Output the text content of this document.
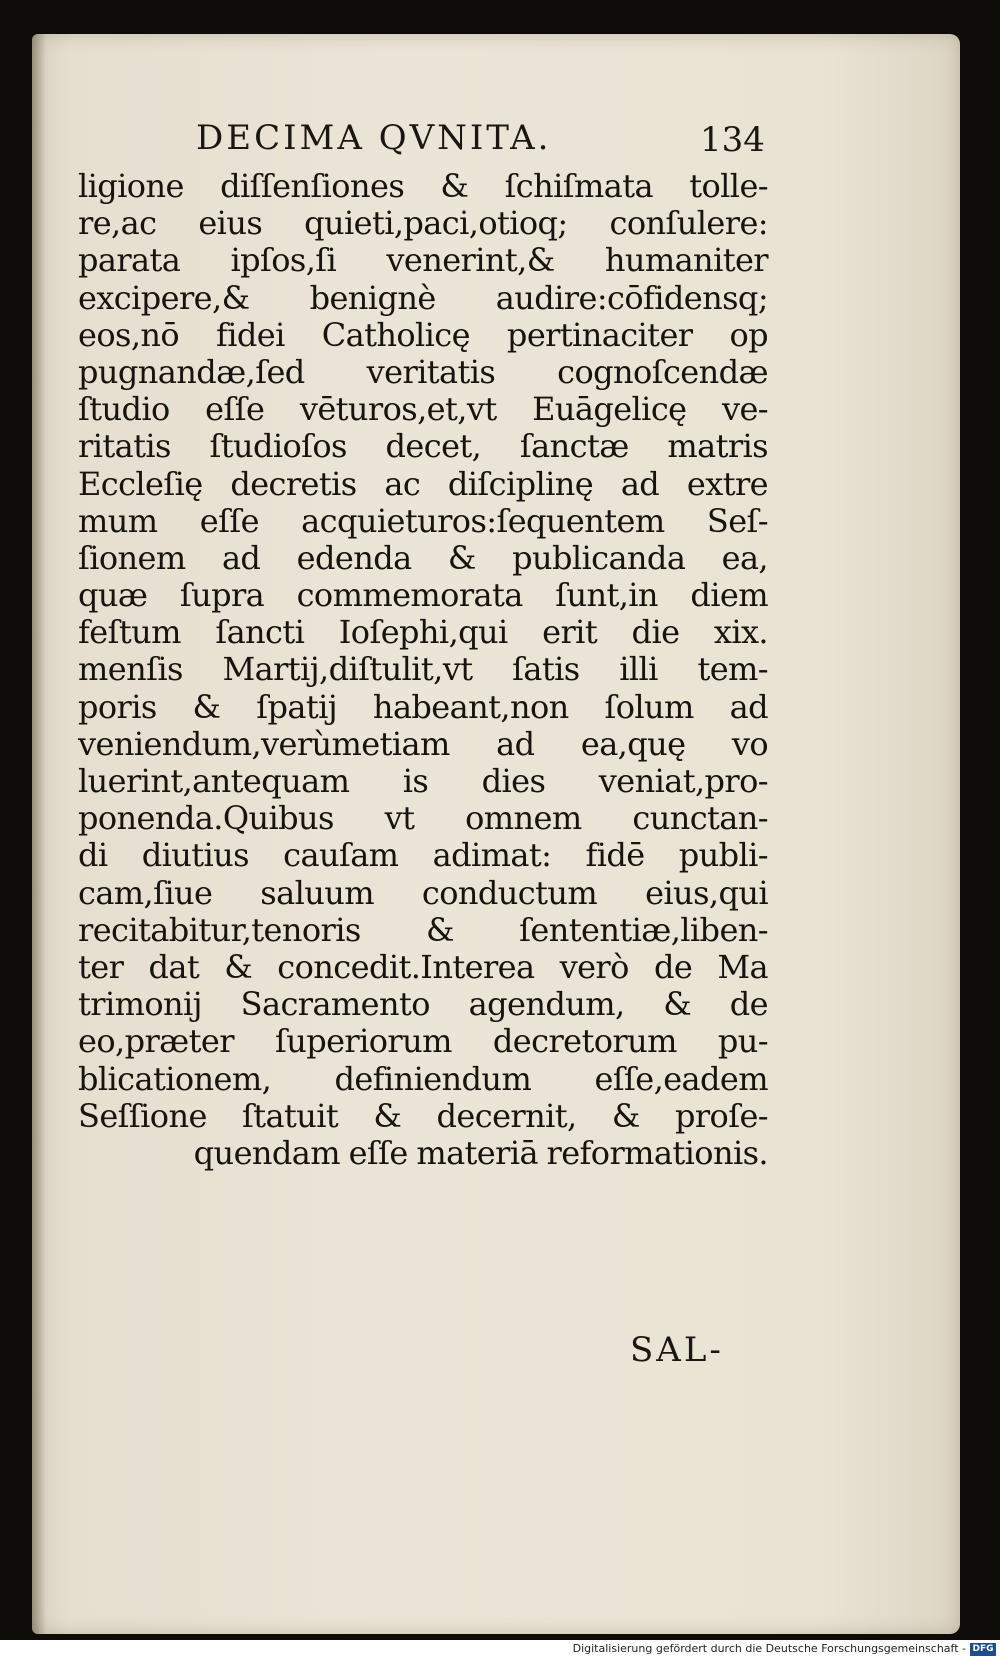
DECIMA QVNITA.	134
ligione diſſenſiones & ſchiſmata tolle-
re,ac eius quieti,paci,otioq; conſulere:
parata ipſos,ſi venerint,& humaniter
excipere,& benignè audire:cōfidensq;
eos,nō fidei Catholicę pertinaciter op
pugnandæ,ſed veritatis cognoſcendæ
ſtudio eſſe vēturos,et,vt Euāgelicę ve-
ritatis ſtudioſos decet, ſanctæ matris
Eccleſię decretis ac diſciplinę ad extre
mum eſſe acquieturos:ſequentem Seſ-
ſionem ad edenda & publicanda ea,
quæ ſupra commemorata ſunt,in diem
feſtum ſancti Ioſephi,qui erit die xix.
menſis Martij,diſtulit,vt ſatis illi tem-
poris & ſpatij habeant,non ſolum ad
veniendum,verùmetiam ad ea,quę vo
luerint,antequam is dies veniat,pro-
ponenda.Quibus vt omnem cunctan-
di diutius cauſam adimat: fidē publi-
cam,ſiue saluum conductum eius,qui
recitabitur,tenoris & ſententiæ,liben-
ter dat & concedit.Interea verò de Ma
trimonij Sacramento agendum, & de
eo,præter ſuperiorum decretorum pu-
blicationem, definiendum eſſe,eadem
Seſſione ſtatuit & decernit, & proſe-
quendam eſſe materiā reformationis.
SAL-
Digitalisierung gefördert durch die Deutsche Forschungsgemeinschaft - DFG
